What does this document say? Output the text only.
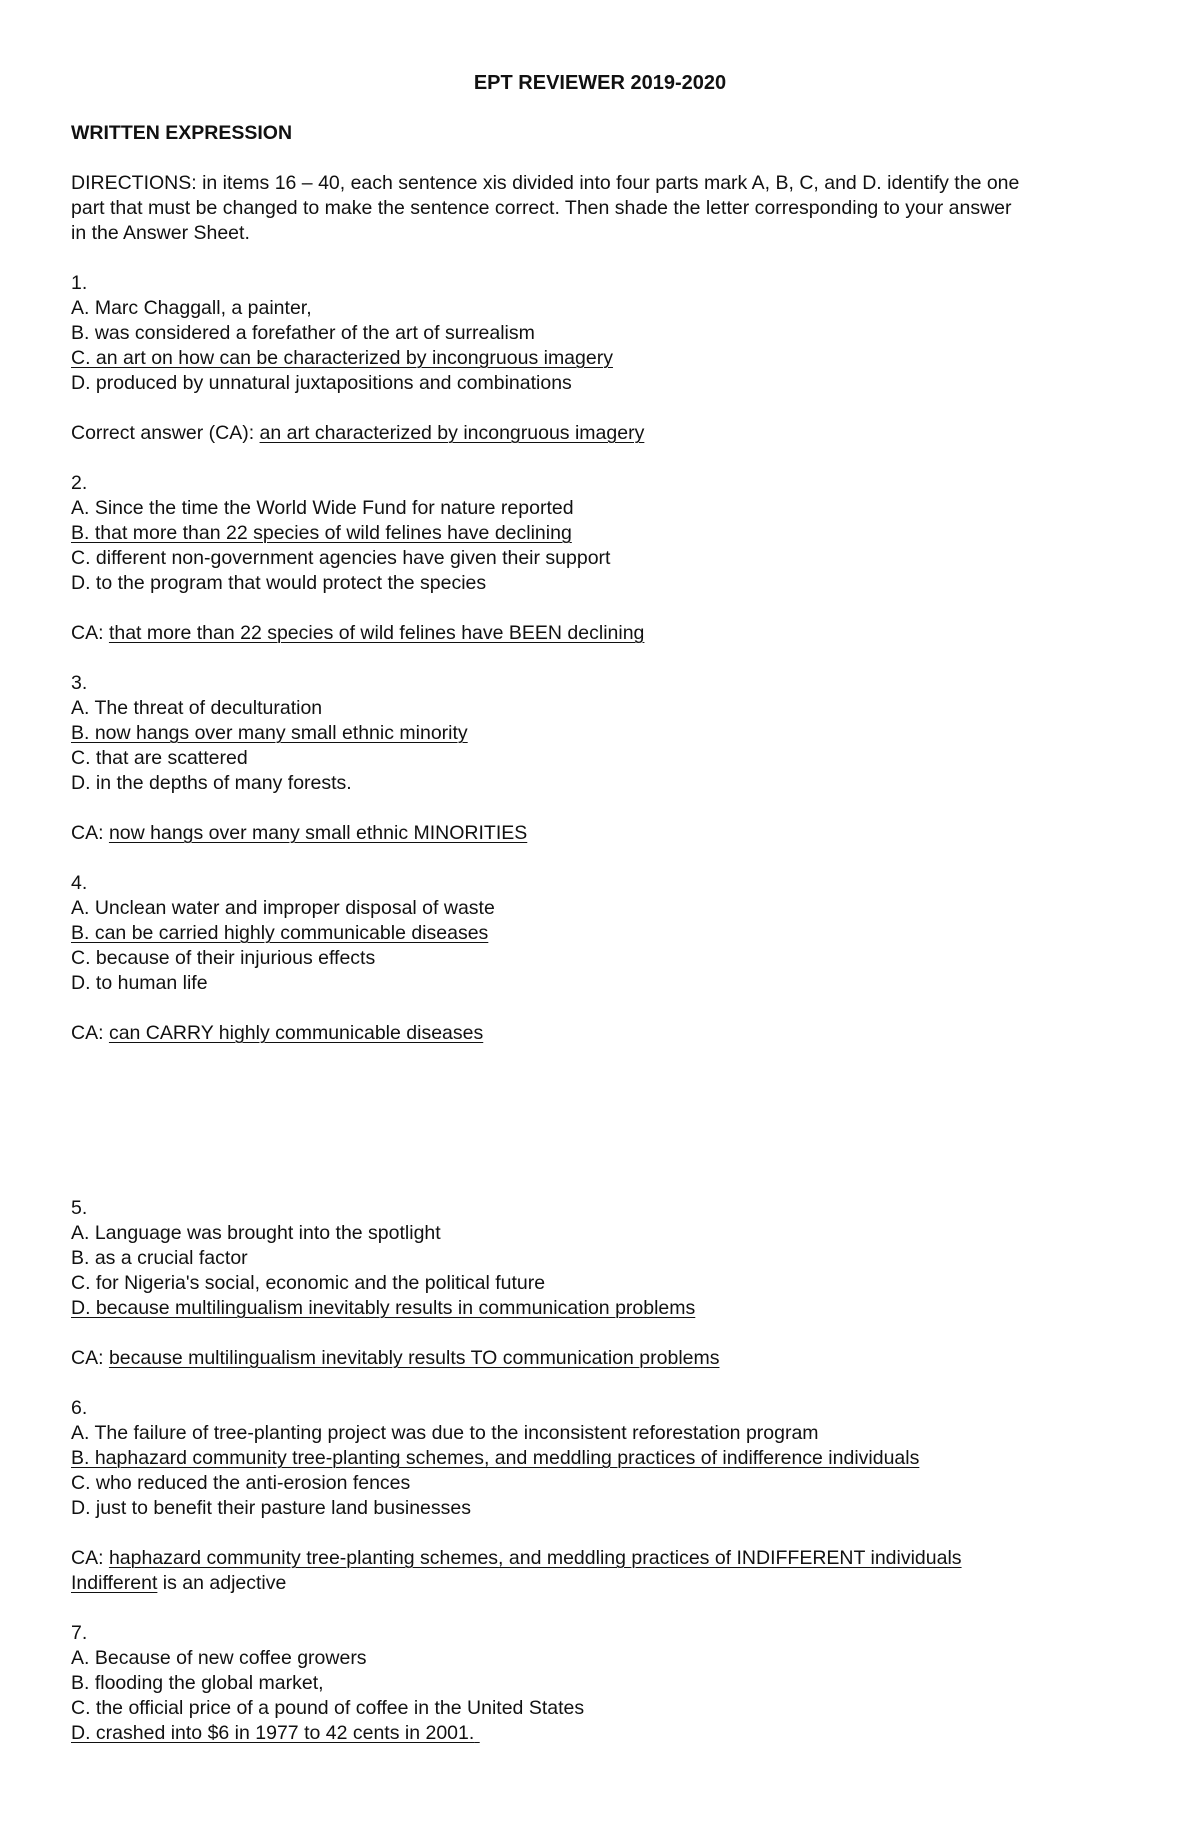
EPT REVIEWER 2019-2020
WRITTEN EXPRESSION
DIRECTIONS: in items 16 – 40, each sentence xis divided into four parts mark A, B, C, and D. identify the one
part that must be changed to make the sentence correct. Then shade the letter corresponding to your answer
in the Answer Sheet.
1.
A. Marc Chaggall, a painter,
B. was considered a forefather of the art of surrealism
C. an art on how can be characterized by incongruous imagery
D. produced by unnatural juxtapositions and combinations
Correct answer (CA): an art characterized by incongruous imagery
2.
A. Since the time the World Wide Fund for nature reported
B. that more than 22 species of wild felines have declining
C. different non-government agencies have given their support
D. to the program that would protect the species
CA: that more than 22 species of wild felines have BEEN declining
3.
A. The threat of deculturation
B. now hangs over many small ethnic minority
C. that are scattered
D. in the depths of many forests.
CA: now hangs over many small ethnic MINORITIES
4.
A. Unclean water and improper disposal of waste
B. can be carried highly communicable diseases
C. because of their injurious effects
D. to human life
CA: can CARRY highly communicable diseases
5.
A. Language was brought into the spotlight
B. as a crucial factor
C. for Nigeria's social, economic and the political future
D. because multilingualism inevitably results in communication problems
CA: because multilingualism inevitably results TO communication problems
6.
A. The failure of tree-planting project was due to the inconsistent reforestation program
B. haphazard community tree-planting schemes, and meddling practices of indifference individuals
C. who reduced the anti-erosion fences
D. just to benefit their pasture land businesses
CA: haphazard community tree-planting schemes, and meddling practices of INDIFFERENT individuals
Indifferent is an adjective
7.
A. Because of new coffee growers
B. flooding the global market,
C. the official price of a pound of coffee in the United States
D. crashed into $6 in 1977 to 42 cents in 2001.
